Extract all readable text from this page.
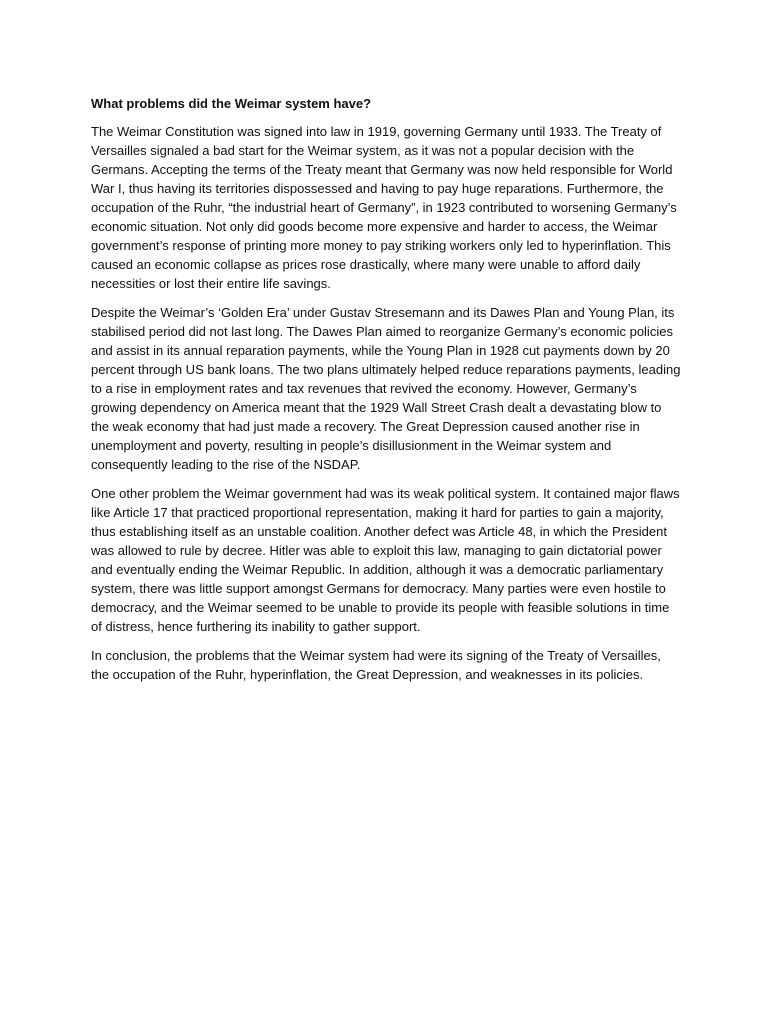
What problems did the Weimar system have?

The Weimar Constitution was signed into law in 1919, governing Germany until 1933. The Treaty of Versailles signaled a bad start for the Weimar system, as it was not a popular decision with the Germans. Accepting the terms of the Treaty meant that Germany was now held responsible for World War I, thus having its territories dispossessed and having to pay huge reparations. Furthermore, the occupation of the Ruhr, “the industrial heart of Germany”, in 1923 contributed to worsening Germany’s economic situation. Not only did goods become more expensive and harder to access, the Weimar government’s response of printing more money to pay striking workers only led to hyperinflation. This caused an economic collapse as prices rose drastically, where many were unable to afford daily necessities or lost their entire life savings.

Despite the Weimar’s ‘Golden Era’ under Gustav Stresemann and its Dawes Plan and Young Plan, its stabilised period did not last long. The Dawes Plan aimed to reorganize Germany’s economic policies and assist in its annual reparation payments, while the Young Plan in 1928 cut payments down by 20 percent through US bank loans. The two plans ultimately helped reduce reparations payments, leading to a rise in employment rates and tax revenues that revived the economy. However, Germany’s growing dependency on America meant that the 1929 Wall Street Crash dealt a devastating blow to the weak economy that had just made a recovery. The Great Depression caused another rise in unemployment and poverty, resulting in people’s disillusionment in the Weimar system and consequently leading to the rise of the NSDAP.

One other problem the Weimar government had was its weak political system. It contained major flaws like Article 17 that practiced proportional representation, making it hard for parties to gain a majority, thus establishing itself as an unstable coalition. Another defect was Article 48, in which the President was allowed to rule by decree. Hitler was able to exploit this law, managing to gain dictatorial power and eventually ending the Weimar Republic. In addition, although it was a democratic parliamentary system, there was little support amongst Germans for democracy. Many parties were even hostile to democracy, and the Weimar seemed to be unable to provide its people with feasible solutions in time of distress, hence furthering its inability to gather support.

In conclusion, the problems that the Weimar system had were its signing of the Treaty of Versailles, the occupation of the Ruhr, hyperinflation, the Great Depression, and weaknesses in its policies.
